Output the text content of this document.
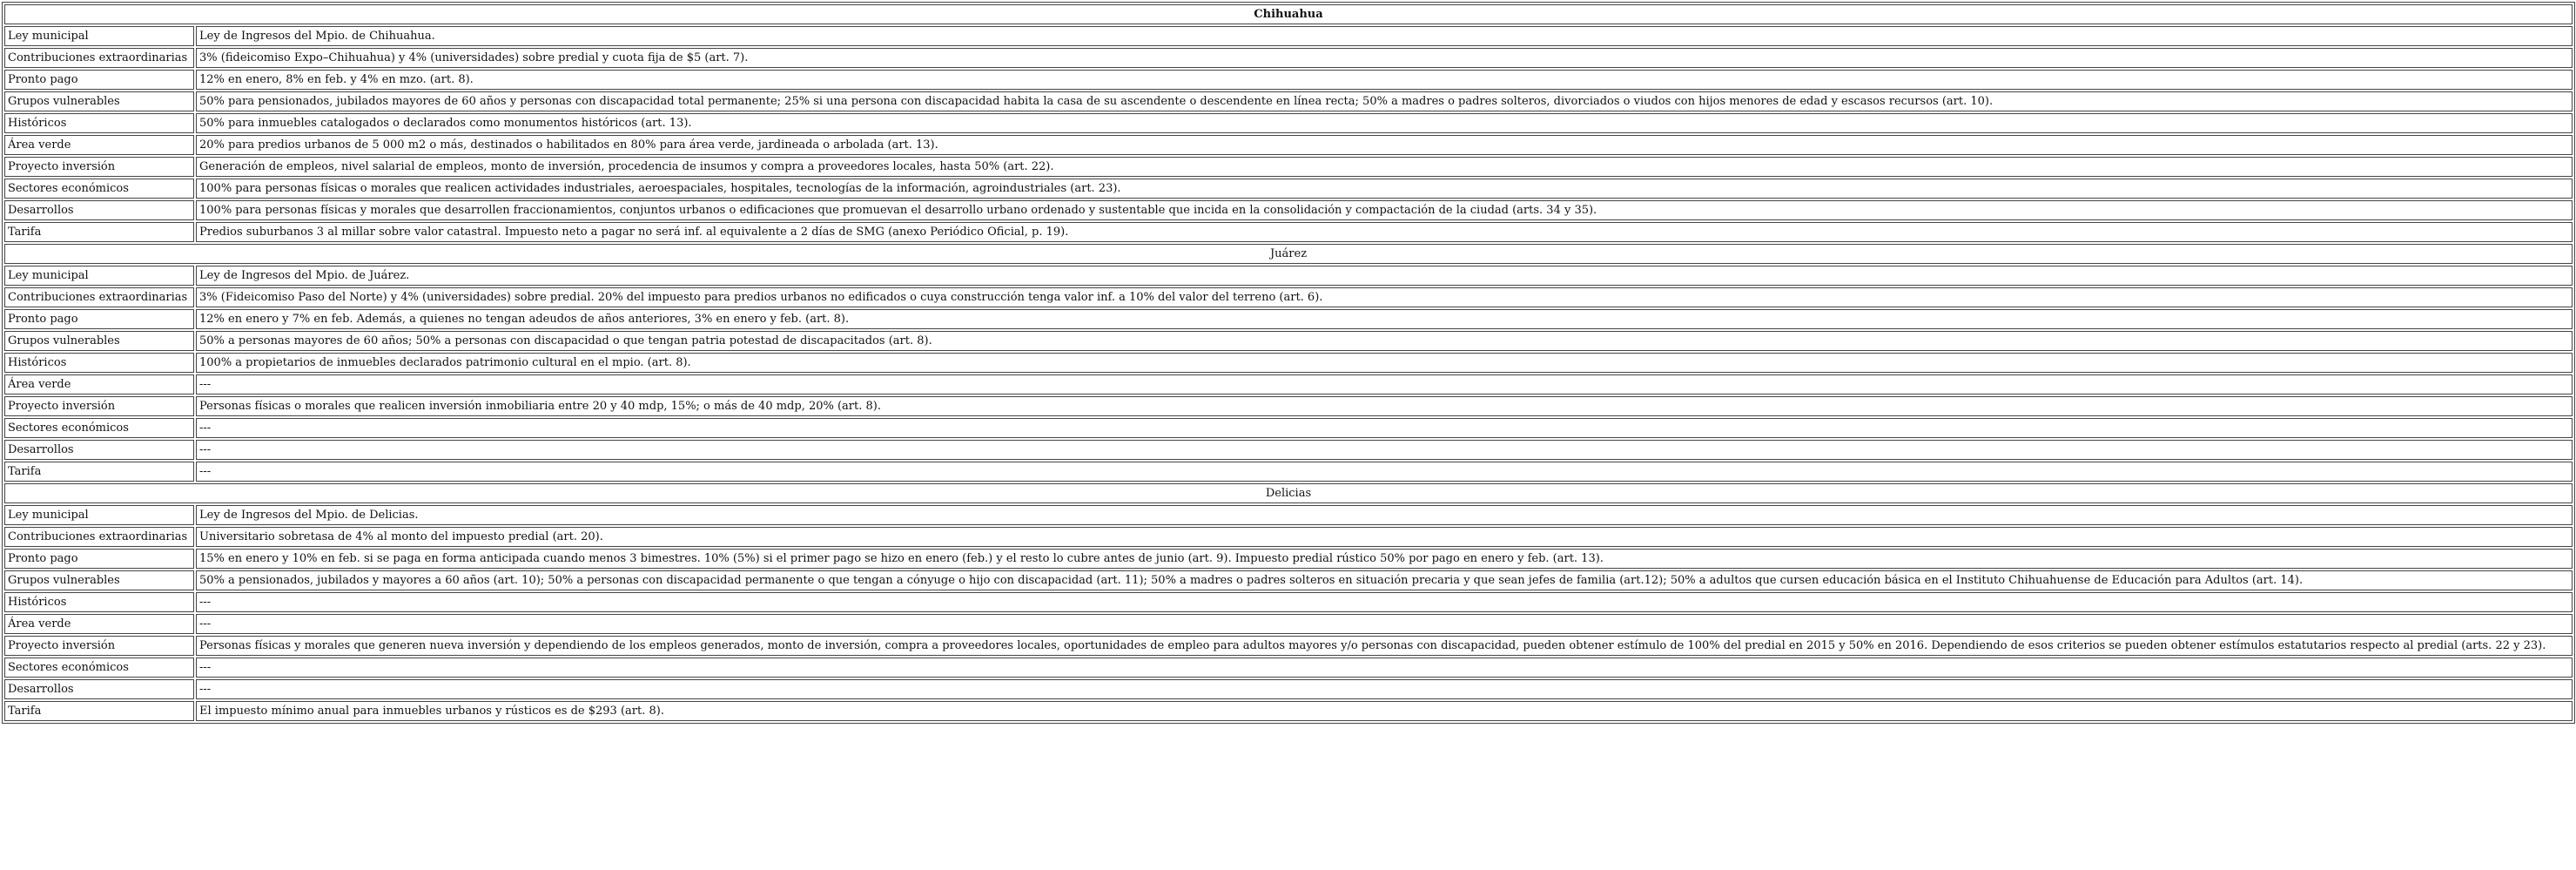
Chihuahua	
Ley municipal	Ley de Ingresos del Mpio. de Chihuahua.
Contribuciones extraordinarias	3% (fideicomiso Expo–Chihuahua) y 4% (universidades) sobre predial y cuota fija de $5 (art. 7).
Pronto pago	12% en enero, 8% en feb. y 4% en mzo. (art. 8).
Grupos vulnerables	50% para pensionados, jubilados mayores de 60 años y personas con discapacidad total permanente; 25% si una persona con discapacidad habita la casa de su ascendente o descendente en línea recta; 50% a madres o padres solteros, divorciados o viudos con hijos menores de edad y escasos recursos (art. 10).
Históricos	50% para inmuebles catalogados o declarados como monumentos históricos (art. 13).
Área verde	20% para predios urbanos de 5 000 m2 o más, destinados o habilitados en 80% para área verde, jardineada o arbolada (art. 13).
Proyecto inversión	Generación de empleos, nivel salarial de empleos, monto de inversión, procedencia de insumos y compra a proveedores locales, hasta 50% (art. 22).
Sectores económicos	100% para personas físicas o morales que realicen actividades industriales, aeroespaciales, hospitales, tecnologías de la información, agroindustriales (art. 23).
Desarrollos	100% para personas físicas y morales que desarrollen fraccionamientos, conjuntos urbanos o edificaciones que promuevan el desarrollo urbano ordenado y sustentable que incida en la consolidación y compactación de la ciudad (arts. 34 y 35).
Tarifa	Predios suburbanos 3 al millar sobre valor catastral. Impuesto neto a pagar no será inf. al equivalente a 2 días de SMG (anexo Periódico Oficial, p. 19).
Juárez	
Ley municipal	Ley de Ingresos del Mpio. de Juárez.
Contribuciones extraordinarias	3% (Fideicomiso Paso del Norte) y 4% (universidades) sobre predial. 20% del impuesto para predios urbanos no edificados o cuya construcción tenga valor inf. a 10% del valor del terreno (art. 6).
Pronto pago	12% en enero y 7% en feb. Además, a quienes no tengan adeudos de años anteriores, 3% en enero y feb. (art. 8).
Grupos vulnerables	50% a personas mayores de 60 años; 50% a personas con discapacidad o que tengan patria potestad de discapacitados (art. 8).
Históricos	100% a propietarios de inmuebles declarados patrimonio cultural en el mpio. (art. 8).
Área verde	---
Proyecto inversión	Personas físicas o morales que realicen inversión inmobiliaria entre 20 y 40 mdp, 15%; o más de 40 mdp, 20% (art. 8).
Sectores económicos	---
Desarrollos	---
Tarifa	---
Delicias	
Ley municipal	Ley de Ingresos del Mpio. de Delicias.
Contribuciones extraordinarias	Universitario sobretasa de 4% al monto del impuesto predial (art. 20).
Pronto pago	15% en enero y 10% en feb. si se paga en forma anticipada cuando menos 3 bimestres. 10% (5%) si el primer pago se hizo en enero (feb.) y el resto lo cubre antes de junio (art. 9). Impuesto predial rústico 50% por pago en enero y feb. (art. 13).
Grupos vulnerables	50% a pensionados, jubilados y mayores a 60 años (art. 10); 50% a personas con discapacidad permanente o que tengan a cónyuge o hijo con discapacidad (art. 11); 50% a madres o padres solteros en situación precaria y que sean jefes de familia (art.12); 50% a adultos que cursen educación básica en el Instituto Chihuahuense de Educación para Adultos (art. 14).
Históricos	---
Área verde	---
Proyecto inversión	Personas físicas y morales que generen nueva inversión y dependiendo de los empleos generados, monto de inversión, compra a proveedores locales, oportunidades de empleo para adultos mayores y/o personas con discapacidad, pueden obtener estímulo de 100% del predial en 2015 y 50% en 2016. Dependiendo de esos criterios se pueden obtener estímulos estatutarios respecto al predial (arts. 22 y 23).
Sectores económicos	---
Desarrollos	---
Tarifa	El impuesto mínimo anual para inmuebles urbanos y rústicos es de $293 (art. 8).
